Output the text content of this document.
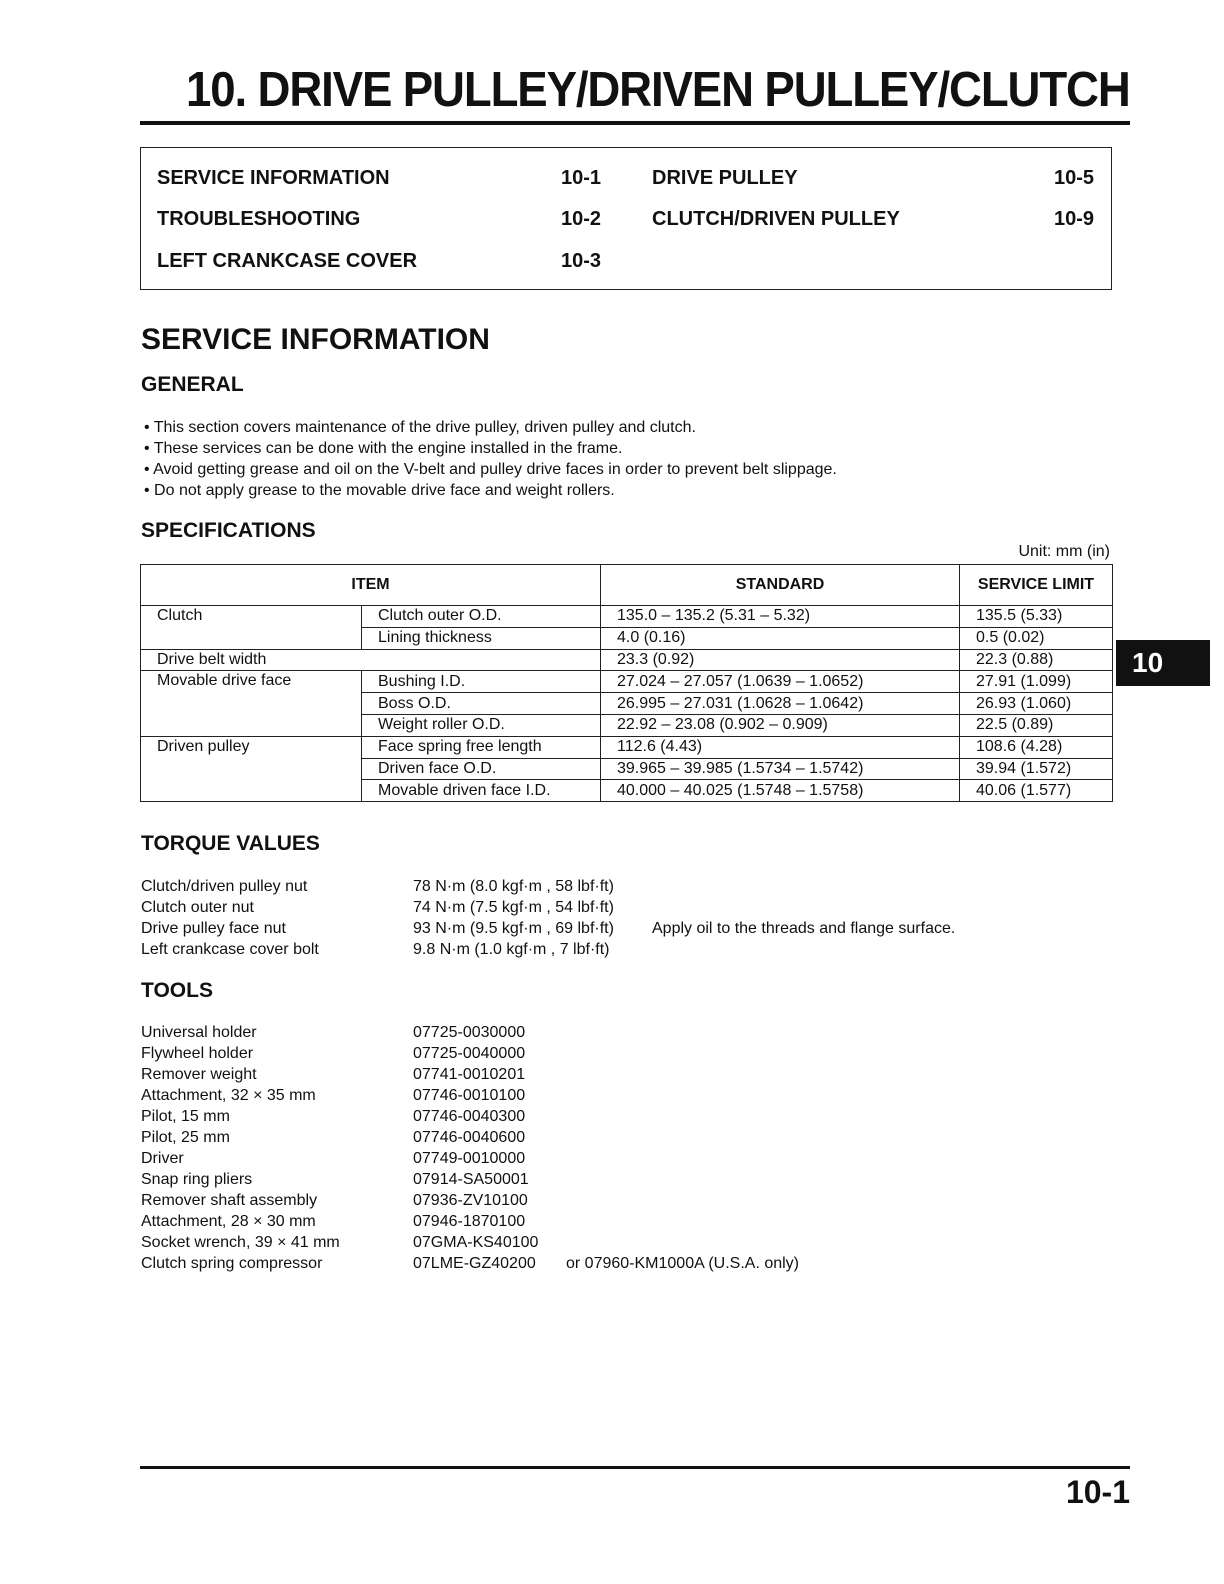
10. DRIVE PULLEY/DRIVEN PULLEY/CLUTCH
SERVICE INFORMATION	10-1
TROUBLESHOOTING	10-2
LEFT CRANKCASE COVER	10-3
DRIVE PULLEY	10-5
CLUTCH/DRIVEN PULLEY	10-9
SERVICE INFORMATION
GENERAL
• This section covers maintenance of the drive pulley, driven pulley and clutch.
• These services can be done with the engine installed in the frame.
• Avoid getting grease and oil on the V-belt and pulley drive faces in order to prevent belt slippage.
• Do not apply grease to the movable drive face and weight rollers.
SPECIFICATIONS
Unit: mm (in)
ITEM		STANDARD	SERVICE LIMIT
Clutch	Clutch outer O.D.	135.0 – 135.2 (5.31 – 5.32)	135.5 (5.33)
	Lining thickness	4.0 (0.16)	0.5 (0.02)
Drive belt width		23.3 (0.92)	22.3 (0.88)
Movable drive face	Bushing I.D.	27.024 – 27.057 (1.0639 – 1.0652)	27.91 (1.099)
	Boss O.D.	26.995 – 27.031 (1.0628 – 1.0642)	26.93 (1.060)
	Weight roller O.D.	22.92 – 23.08 (0.902 – 0.909)	22.5 (0.89)
Driven pulley	Face spring free length	112.6 (4.43)	108.6 (4.28)
	Driven face O.D.	39.965 – 39.985 (1.5734 – 1.5742)	39.94 (1.572)
	Movable driven face I.D.	40.000 – 40.025 (1.5748 – 1.5758)	40.06 (1.577)
10
TORQUE VALUES
Clutch/driven pulley nut	78 N·m (8.0 kgf·m , 58 lbf·ft)
Clutch outer nut	74 N·m (7.5 kgf·m , 54 lbf·ft)
Drive pulley face nut	93 N·m (9.5 kgf·m , 69 lbf·ft) Apply oil to the threads and flange surface.
Left crankcase cover bolt	9.8 N·m (1.0 kgf·m , 7 lbf·ft)
TOOLS
Universal holder	07725-0030000
Flywheel holder	07725-0040000
Remover weight	07741-0010201
Attachment, 32 × 35 mm	07746-0010100
Pilot, 15 mm	07746-0040300
Pilot, 25 mm	07746-0040600
Driver	07749-0010000
Snap ring pliers	07914-SA50001
Remover shaft assembly	07936-ZV10100
Attachment, 28 × 30 mm	07946-1870100
Socket wrench, 39 × 41 mm	07GMA-KS40100
Clutch spring compressor	07LME-GZ40200 or 07960-KM1000A (U.S.A. only)
10-1
